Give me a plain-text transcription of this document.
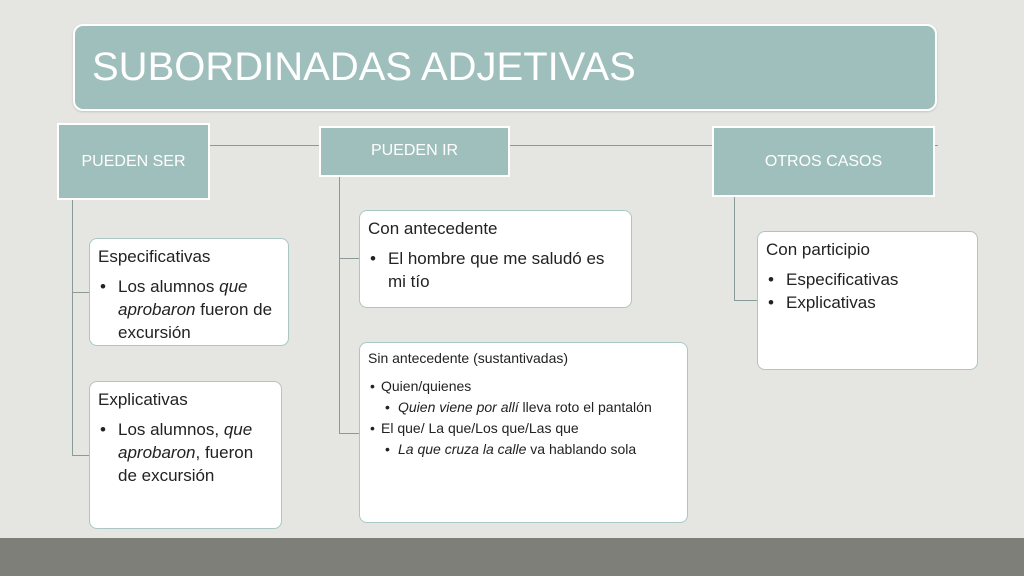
SUBORDINADAS ADJETIVAS
PUEDEN SER
Especificativas
• Los alumnos que aprobaron fueron de excursión
Explicativas
• Los alumnos, que aprobaron, fueron de excursión
PUEDEN IR
Con antecedente
• El hombre que me saludó es mi tío
Sin antecedente (sustantivadas)
• Quien/quienes
• Quien viene por allí lleva roto el pantalón
• El que/ La que/Los que/Las que
• La que cruza la calle va hablando sola
OTROS CASOS
Con participio
• Especificativas
• Explicativas
